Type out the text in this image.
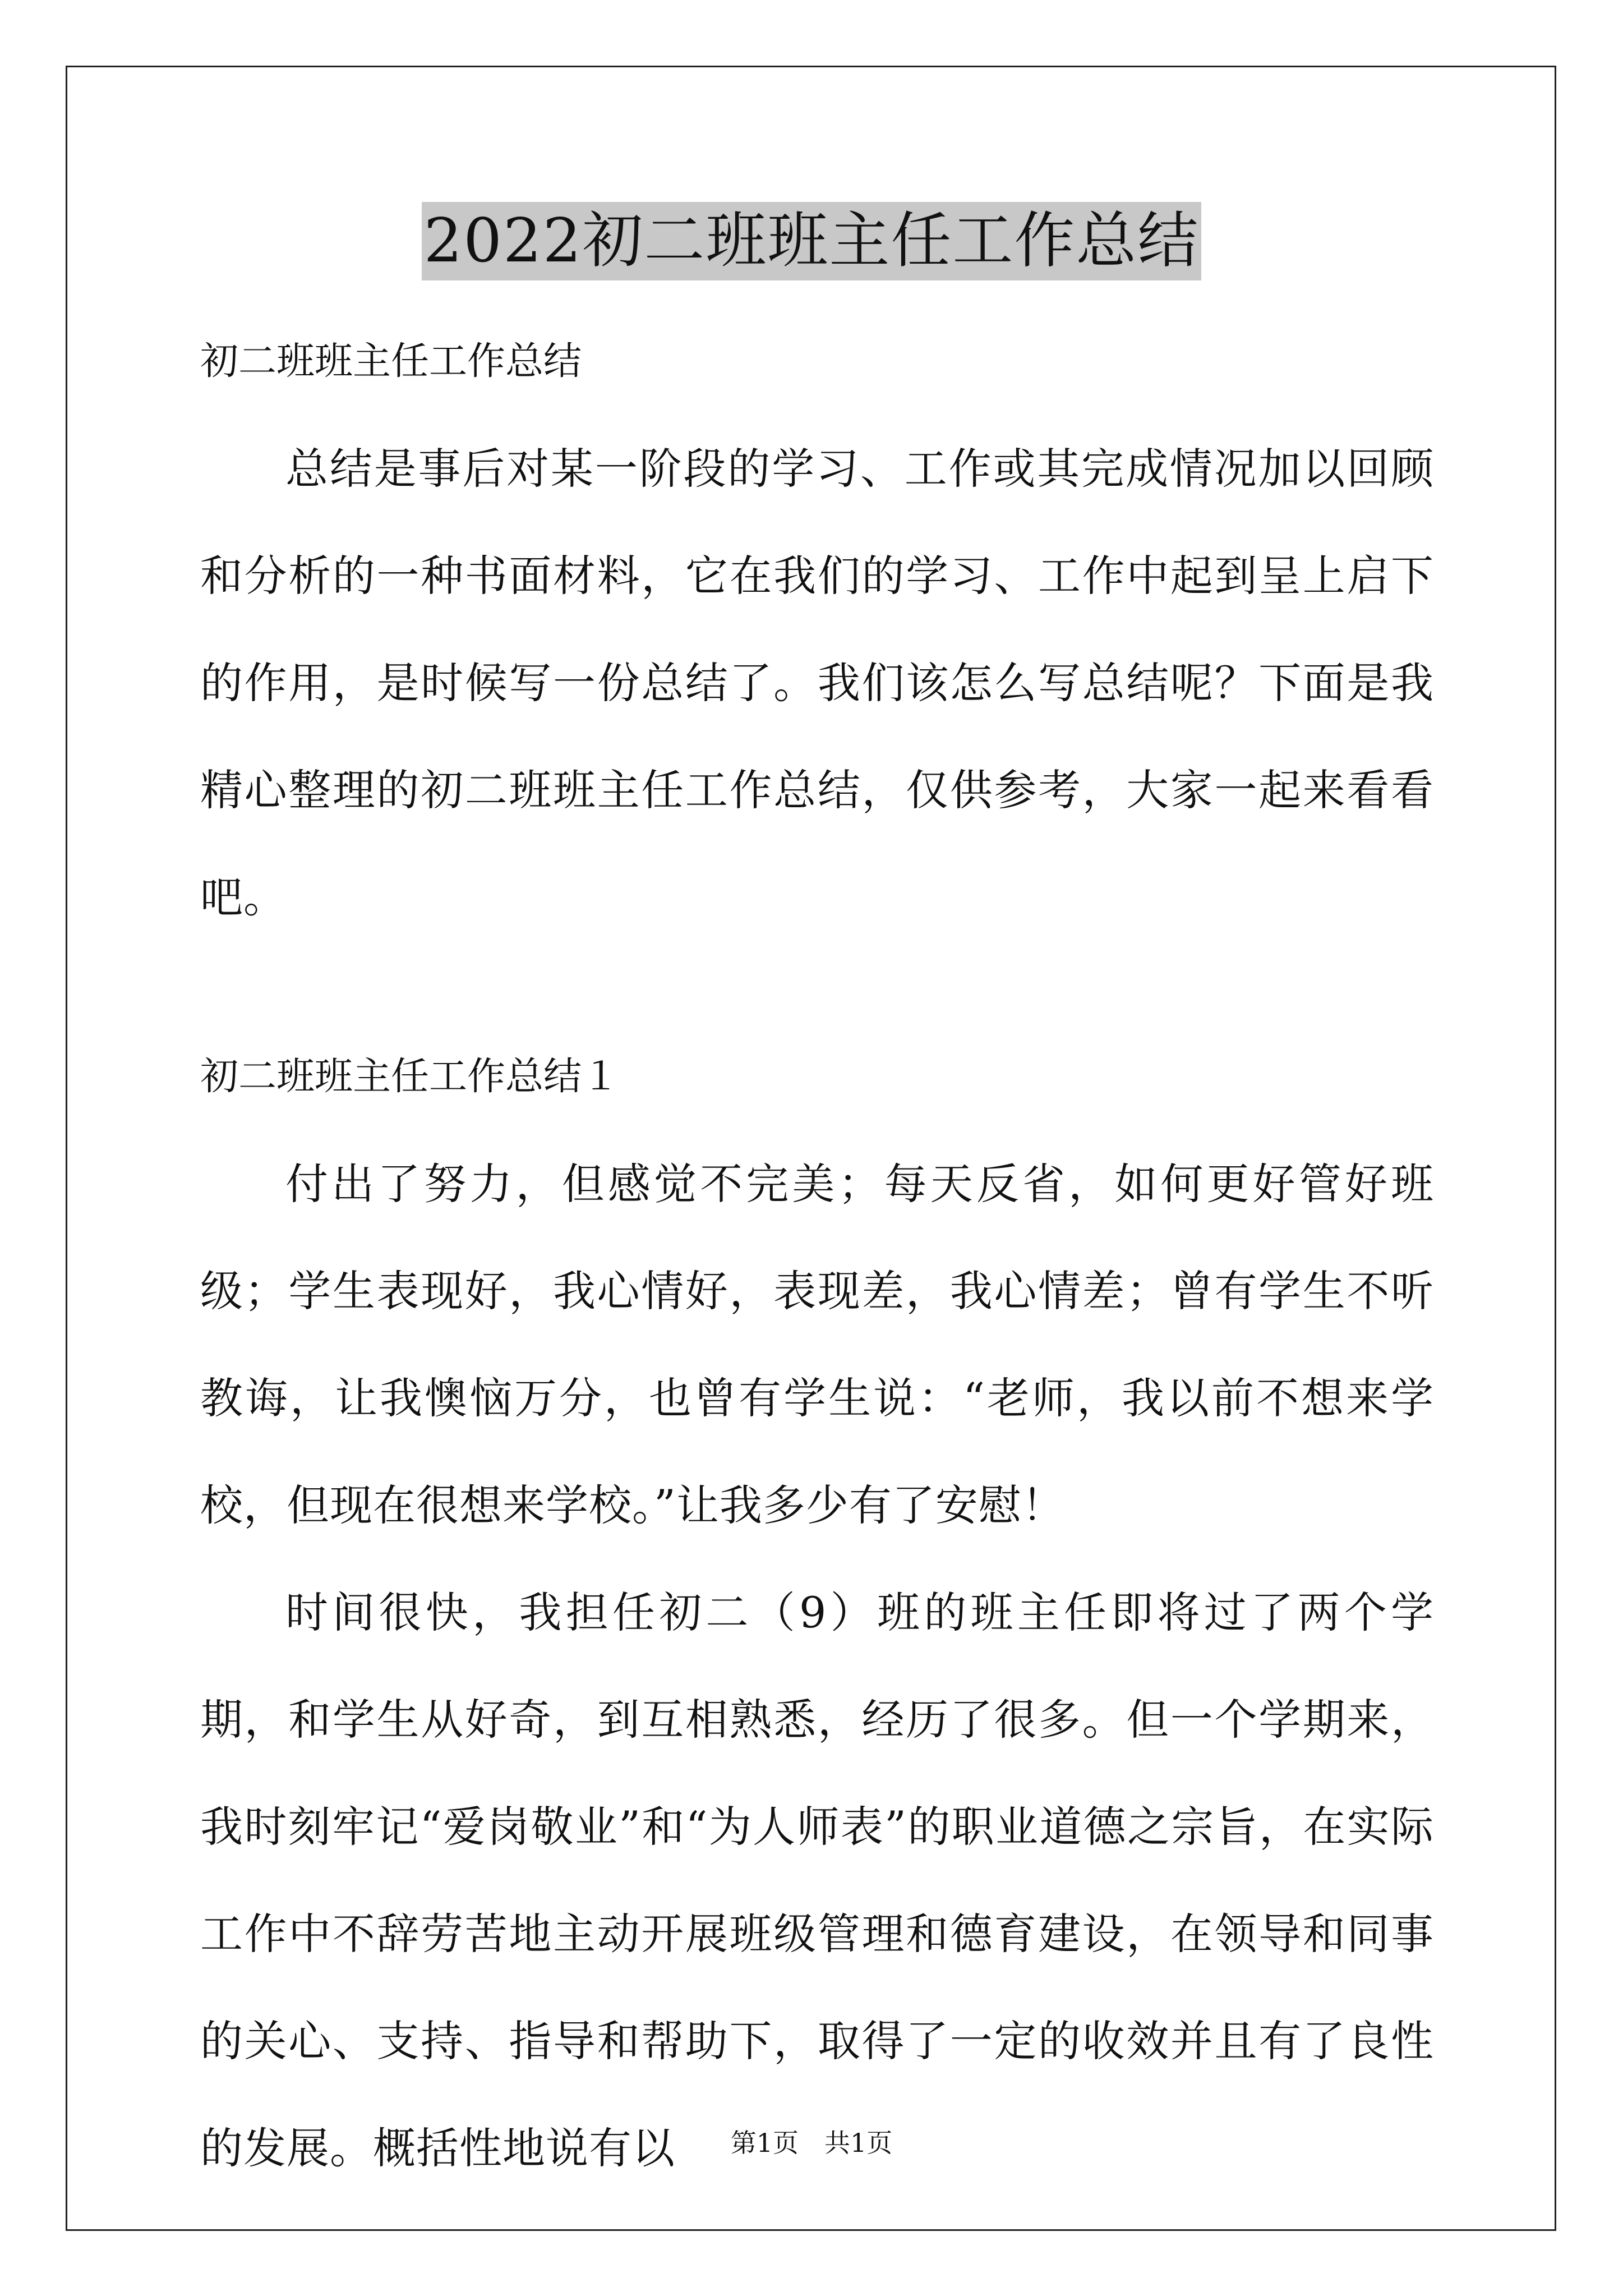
2022初二班班主任工作总结

初二班班主任工作总结

总结是事后对某一阶段的学习、工作或其完成情况加以回顾和分析的一种书面材料，它在我们的学习、工作中起到呈上启下的作用，是时候写一份总结了。我们该怎么写总结呢？下面是我精心整理的初二班班主任工作总结，仅供参考，大家一起来看看吧。

初二班班主任工作总结１

付出了努力，但感觉不完美；每天反省，如何更好管好班级；学生表现好，我心情好，表现差，我心情差；曾有学生不听教诲，让我懊恼万分，也曾有学生说：“老师，我以前不想来学校，但现在很想来学校。”让我多少有了安慰！

时间很快，我担任初二（9）班的班主任即将过了两个学期，和学生从好奇，到互相熟悉，经历了很多。但一个学期来，我时刻牢记“爱岗敬业”和“为人师表”的职业道德之宗旨，在实际工作中不辞劳苦地主动开展班级管理和德育建设，在领导和同事的关心、支持、指导和帮助下，取得了一定的收效并且有了良性的发展。概括性地说有以	第1页　共1页
